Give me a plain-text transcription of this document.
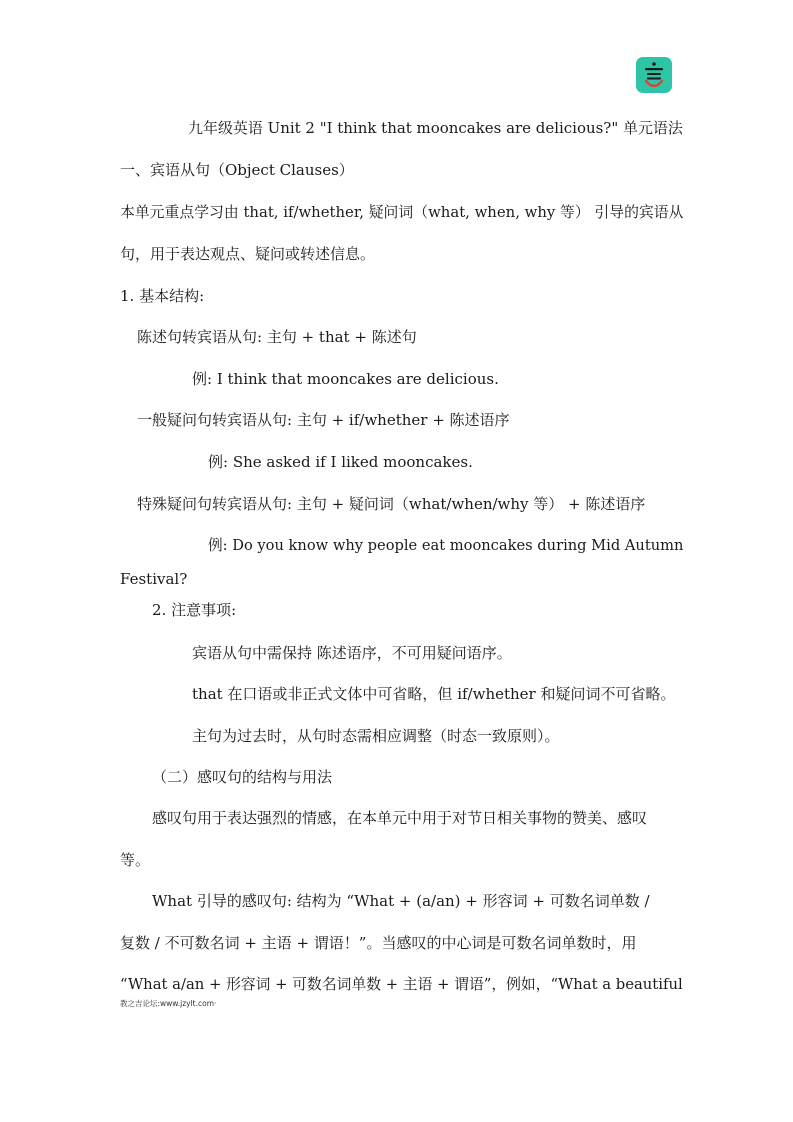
九年级英语 Unit 2 "I think that mooncakes are delicious?" 单元语法

一、宾语从句（Object Clauses）

本单元重点学习由 that, if/whether, 疑问词（what, when, why 等） 引导的宾语从

句，用于表达观点、疑问或转述信息。

1. 基本结构:

陈述句转宾语从句: 主句 + that + 陈述句

例: I think that mooncakes are delicious.

一般疑问句转宾语从句: 主句 + if/whether + 陈述语序

例: She asked if I liked mooncakes.

特殊疑问句转宾语从句: 主句 + 疑问词（what/when/why 等） + 陈述语序

例: Do you know why people eat mooncakes during Mid Autumn

Festival?

2. 注意事项:

宾语从句中需保持 陈述语序，不可用疑问语序。

that 在口语或非正式文体中可省略，但 if/whether 和疑问词不可省略。

主句为过去时，从句时态需相应调整（时态一致原则）。

（二）感叹句的结构与用法

感叹句用于表达强烈的情感，在本单元中用于对节日相关事物的赞美、感叹

等。

What 引导的感叹句: 结构为 “What + (a/an) + 形容词 + 可数名词单数 /

复数 / 不可数名词 + 主语 + 谓语！”。当感叹的中心词是可数名词单数时，用

“What a/an + 形容词 + 可数名词单数 + 主语 + 谓语”，例如，“What a beautiful

教之吉论坛:www.jzylt.com·
